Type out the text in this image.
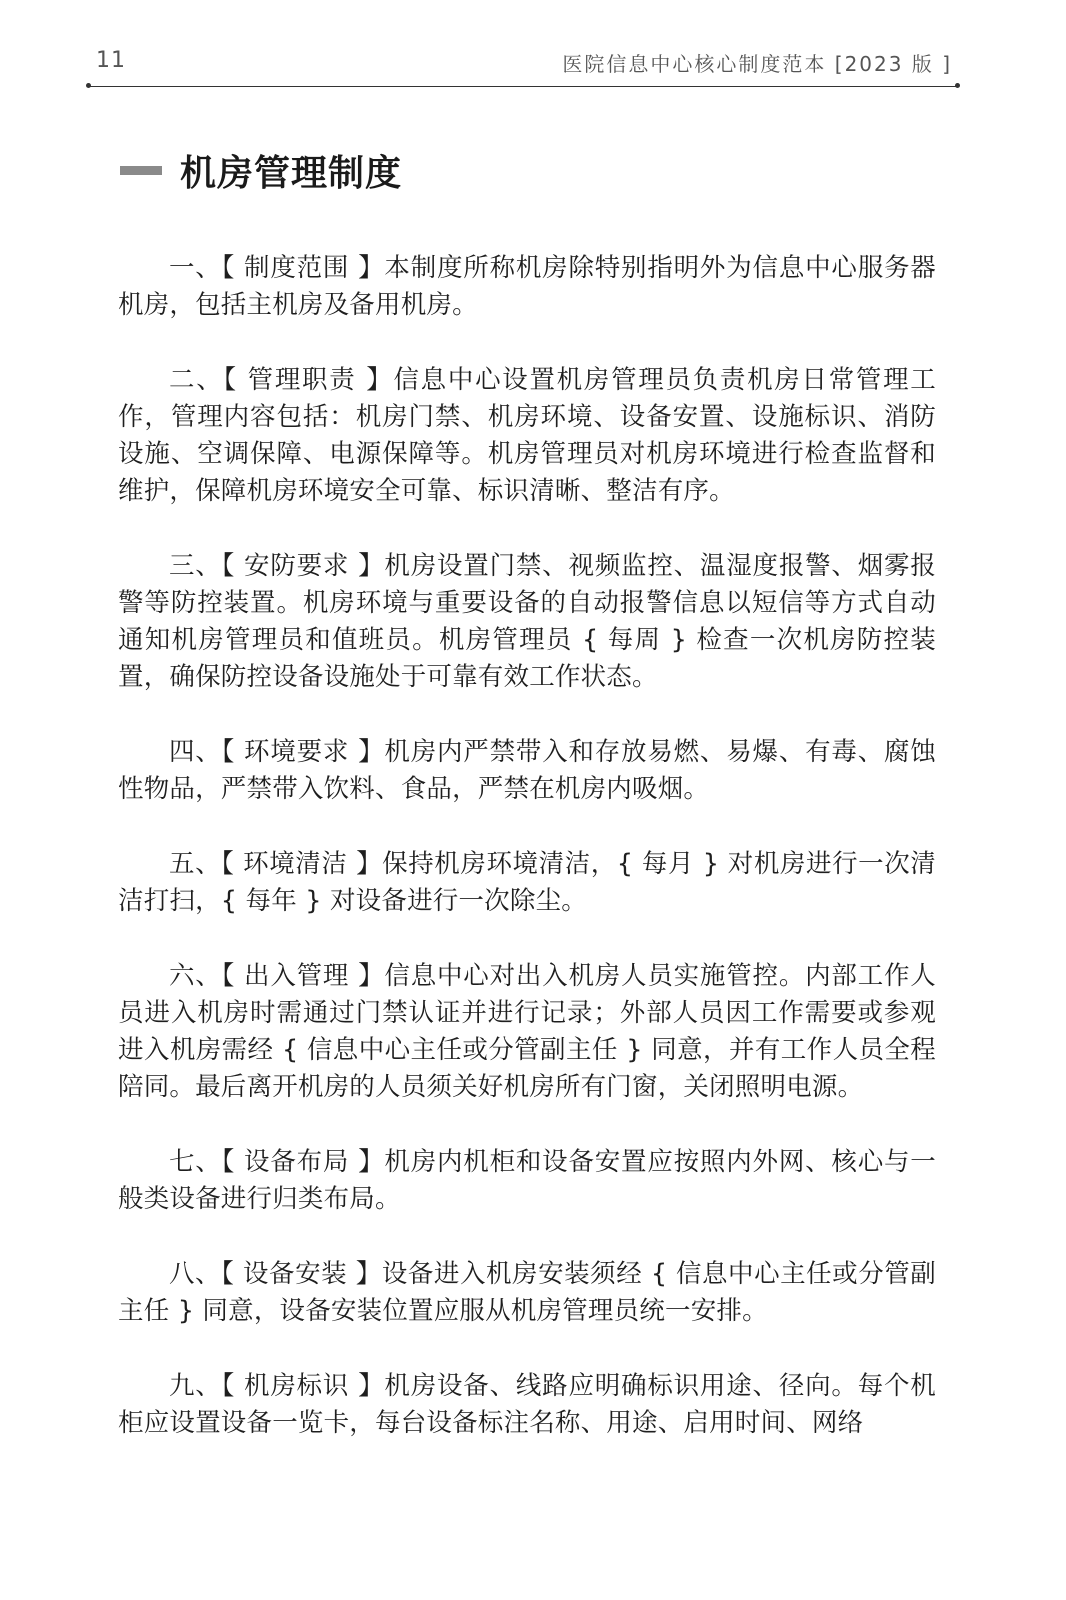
11	医院信息中心核心制度范本 [2023 版 ]
机房管理制度

一、【 制度范围 】本制度所称机房除特别指明外为信息中心服务器机房，包括主机房及备用机房。

二、【 管理职责 】信息中心设置机房管理员负责机房日常管理工作，管理内容包括：机房门禁、机房环境、设备安置、设施标识、消防设施、空调保障、电源保障等。机房管理员对机房环境进行检查监督和维护，保障机房环境安全可靠、标识清晰、整洁有序。

三、【 安防要求 】机房设置门禁、视频监控、温湿度报警、烟雾报警等防控装置。机房环境与重要设备的自动报警信息以短信等方式自动通知机房管理员和值班员。机房管理员 { 每周 } 检查一次机房防控装置，确保防控设备设施处于可靠有效工作状态。

四、【 环境要求 】机房内严禁带入和存放易燃、易爆、有毒、腐蚀性物品，严禁带入饮料、食品，严禁在机房内吸烟。

五、【 环境清洁 】保持机房环境清洁，{ 每月 } 对机房进行一次清洁打扫，{ 每年 } 对设备进行一次除尘。

六、【 出入管理 】信息中心对出入机房人员实施管控。内部工作人员进入机房时需通过门禁认证并进行记录；外部人员因工作需要或参观进入机房需经 { 信息中心主任或分管副主任 } 同意，并有工作人员全程陪同。最后离开机房的人员须关好机房所有门窗，关闭照明电源。

七、【 设备布局 】机房内机柜和设备安置应按照内外网、核心与一般类设备进行归类布局。

八、【 设备安装 】设备进入机房安装须经 { 信息中心主任或分管副主任 } 同意，设备安装位置应服从机房管理员统一安排。

九、【 机房标识 】机房设备、线路应明确标识用途、径向。每个机柜应设置设备一览卡，每台设备标注名称、用途、启用时间、网络
